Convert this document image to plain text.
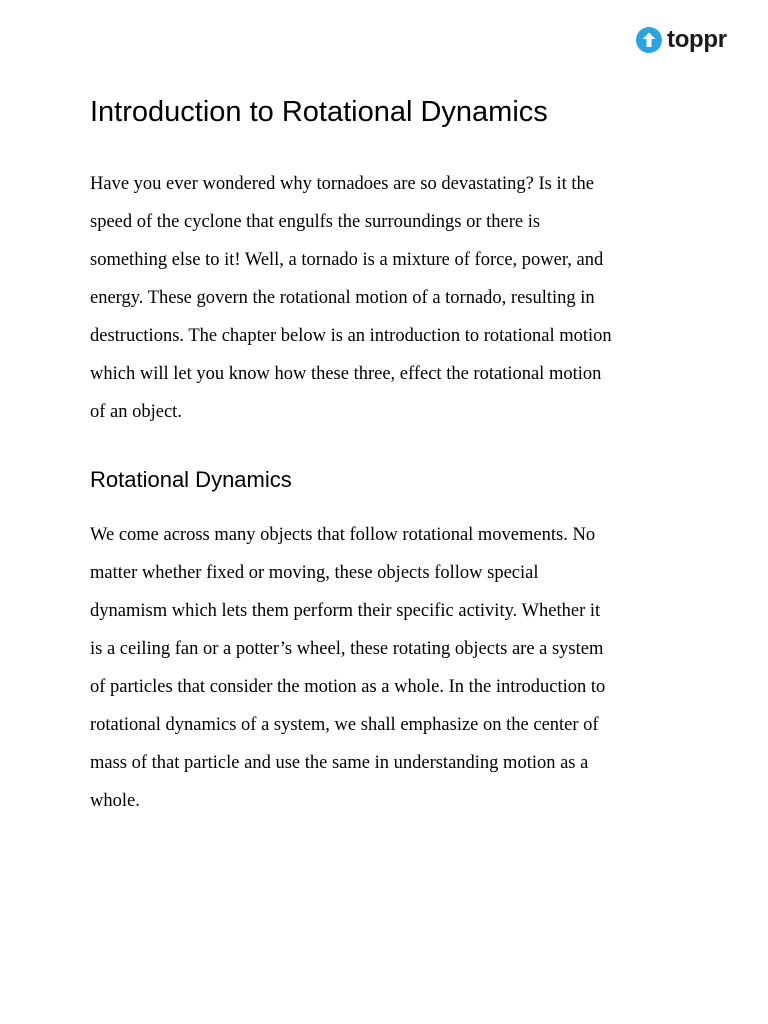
toppr
Introduction to Rotational Dynamics
Have you ever wondered why tornadoes are so devastating? Is it the
speed of the cyclone that engulfs the surroundings or there is
something else to it! Well, a tornado is a mixture of force, power, and
energy. These govern the rotational motion of a tornado, resulting in
destructions. The chapter below is an introduction to rotational motion
which will let you know how these three, effect the rotational motion
of an object.
Rotational Dynamics
We come across many objects that follow rotational movements. No
matter whether fixed or moving, these objects follow special
dynamism which lets them perform their specific activity. Whether it
is a ceiling fan or a potter’s wheel, these rotating objects are a system
of particles that consider the motion as a whole. In the introduction to
rotational dynamics of a system, we shall emphasize on the center of
mass of that particle and use the same in understanding motion as a
whole.
